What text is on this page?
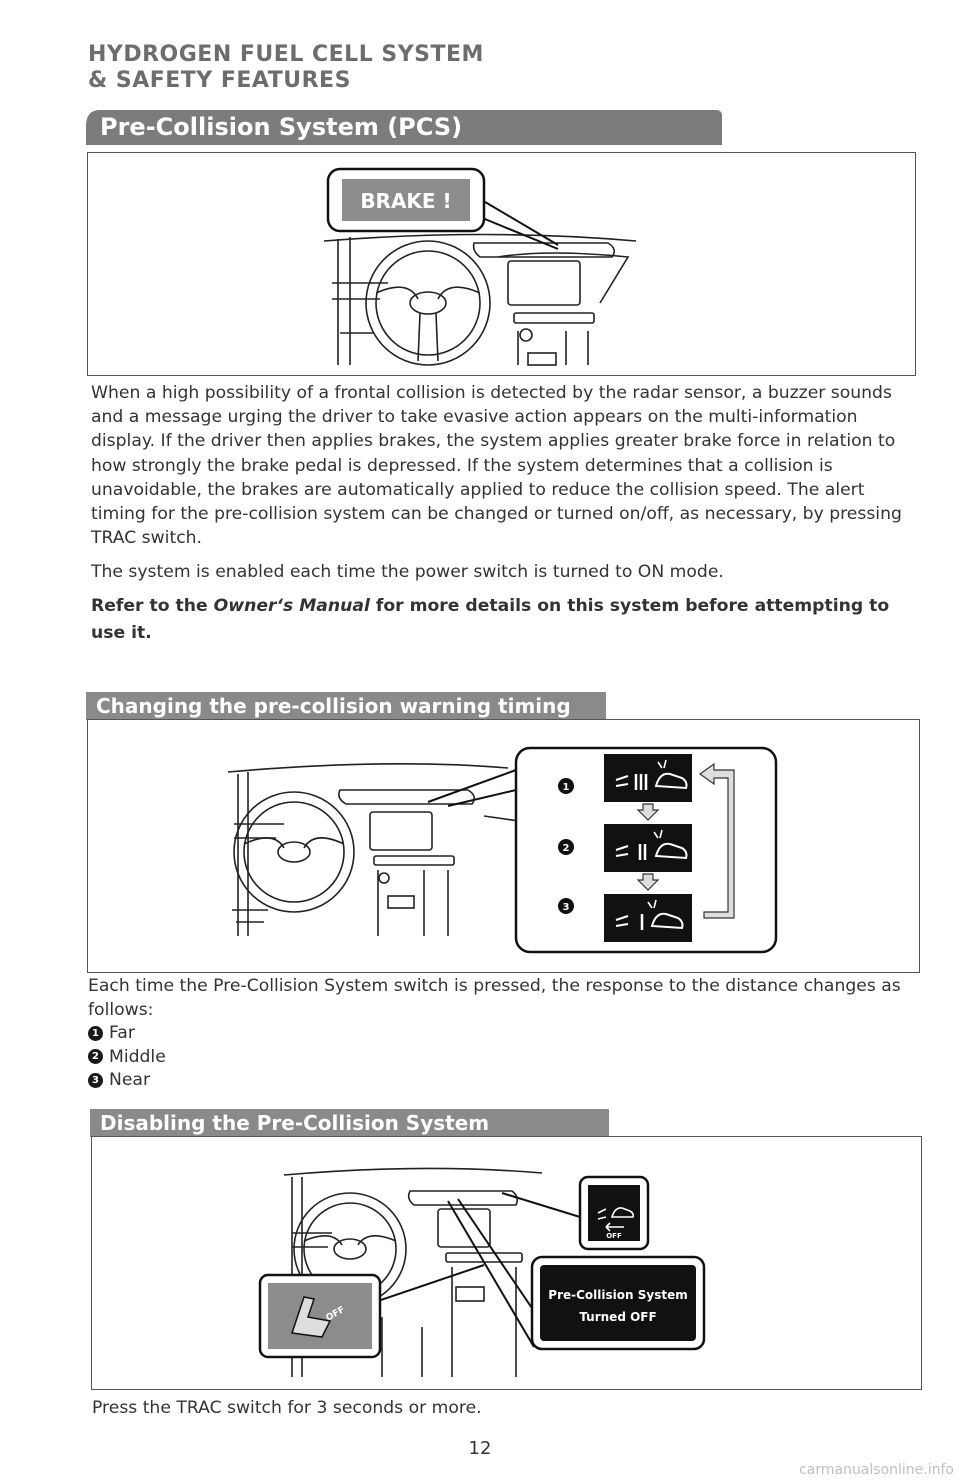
HYDROGEN FUEL CELL SYSTEM
& SAFETY FEATURES
Pre-Collision System (PCS)
BRAKE !

When a high possibility of a frontal collision is detected by the radar sensor, a buzzer sounds and a message urging the driver to take evasive action appears on the multi-information display. If the driver then applies brakes, the system applies greater brake force in relation to how strongly the brake pedal is depressed. If the system determines that a collision is unavoidable, the brakes are automatically applied to reduce the collision speed. The alert timing for the pre-collision system can be changed or turned on/off, as necessary, by pressing TRAC switch.

The system is enabled each time the power switch is turned to ON mode.

Refer to the Owner‘s Manual for more details on this system before attempting to use it.

Changing the pre-collision warning timing
1
2
3
Each time the Pre-Collision System switch is pressed, the response to the distance changes as follows:
1 Far
2 Middle
3 Near
Disabling the Pre-Collision System
OFF
OFF
Pre-Collision System
Turned OFF
Press the TRAC switch for 3 seconds or more.
12
carmanualsonline.info
